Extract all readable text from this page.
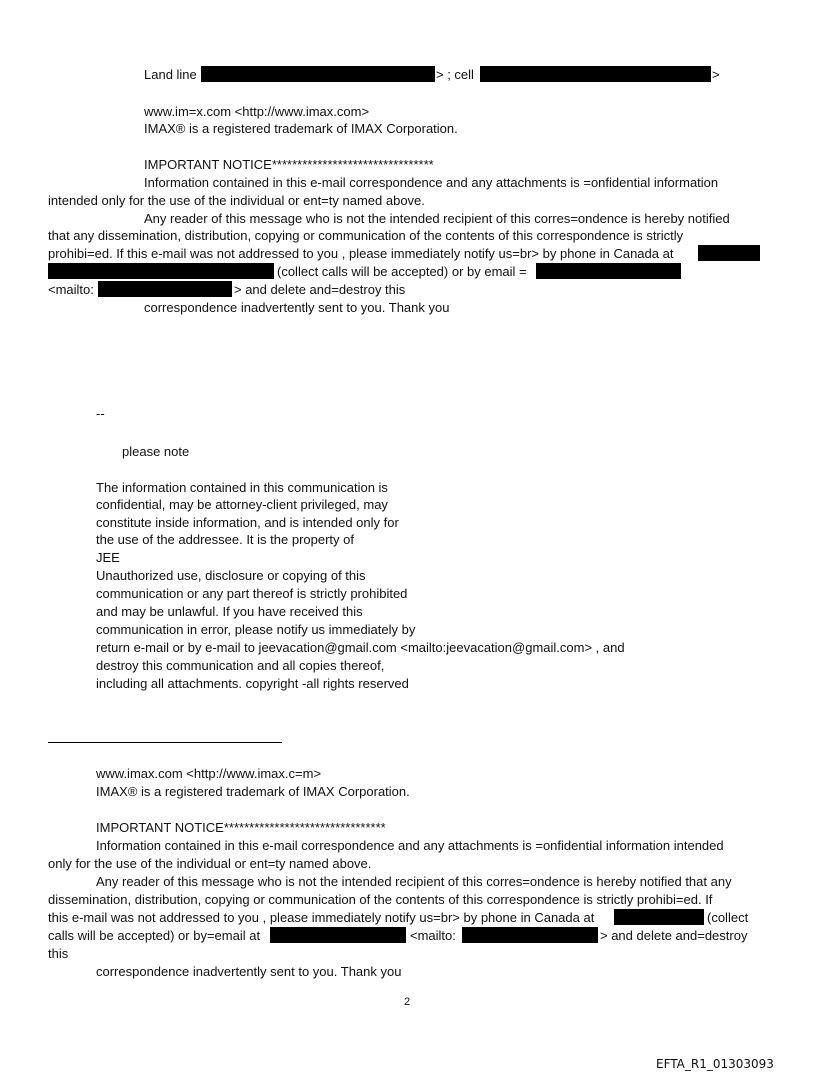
Land line	> ; cell	>
www.im=x.com <http://www.imax.com>
IMAX® is a registered trademark of IMAX Corporation.
IMPORTANT NOTICE********************************
Information contained in this e-mail correspondence and any attachments is =onfidential information
intended only for the use of the individual or ent=ty named above.
Any reader of this message who is not the intended recipient of this corres=ondence is hereby notified
that any dissemination, distribution, copying or communication of the contents of this correspondence is strictly
prohibi=ed. If this e-mail was not addressed to you , please immediately notify us=br> by phone in Canada at
(collect calls will be accepted) or by email =
<mailto:	> and delete and=destroy this
correspondence inadvertently sent to you. Thank you
--
please note
The information contained in this communication is
confidential, may be attorney-client privileged, may
constitute inside information, and is intended only for
the use of the addressee. It is the property of
JEE
Unauthorized use, disclosure or copying of this
communication or any part thereof is strictly prohibited
and may be unlawful. If you have received this
communication in error, please notify us immediately by
return e-mail or by e-mail to jeevacation@gmail.com <mailto:jeevacation@gmail.com> , and
destroy this communication and all copies thereof,
including all attachments. copyright -all rights reserved
www.imax.com <http://www.imax.c=m>
IMAX® is a registered trademark of IMAX Corporation.
IMPORTANT NOTICE********************************
Information contained in this e-mail correspondence and any attachments is =onfidential information intended
only for the use of the individual or ent=ty named above.
Any reader of this message who is not the intended recipient of this corres=ondence is hereby notified that any
dissemination, distribution, copying or communication of the contents of this correspondence is strictly prohibi=ed. If
this e-mail was not addressed to you , please immediately notify us=br> by phone in Canada at	(collect
calls will be accepted) or by=email at	<mailto:	> and delete and=destroy
this
correspondence inadvertently sent to you. Thank you
2
EFTA_R1_01303093
